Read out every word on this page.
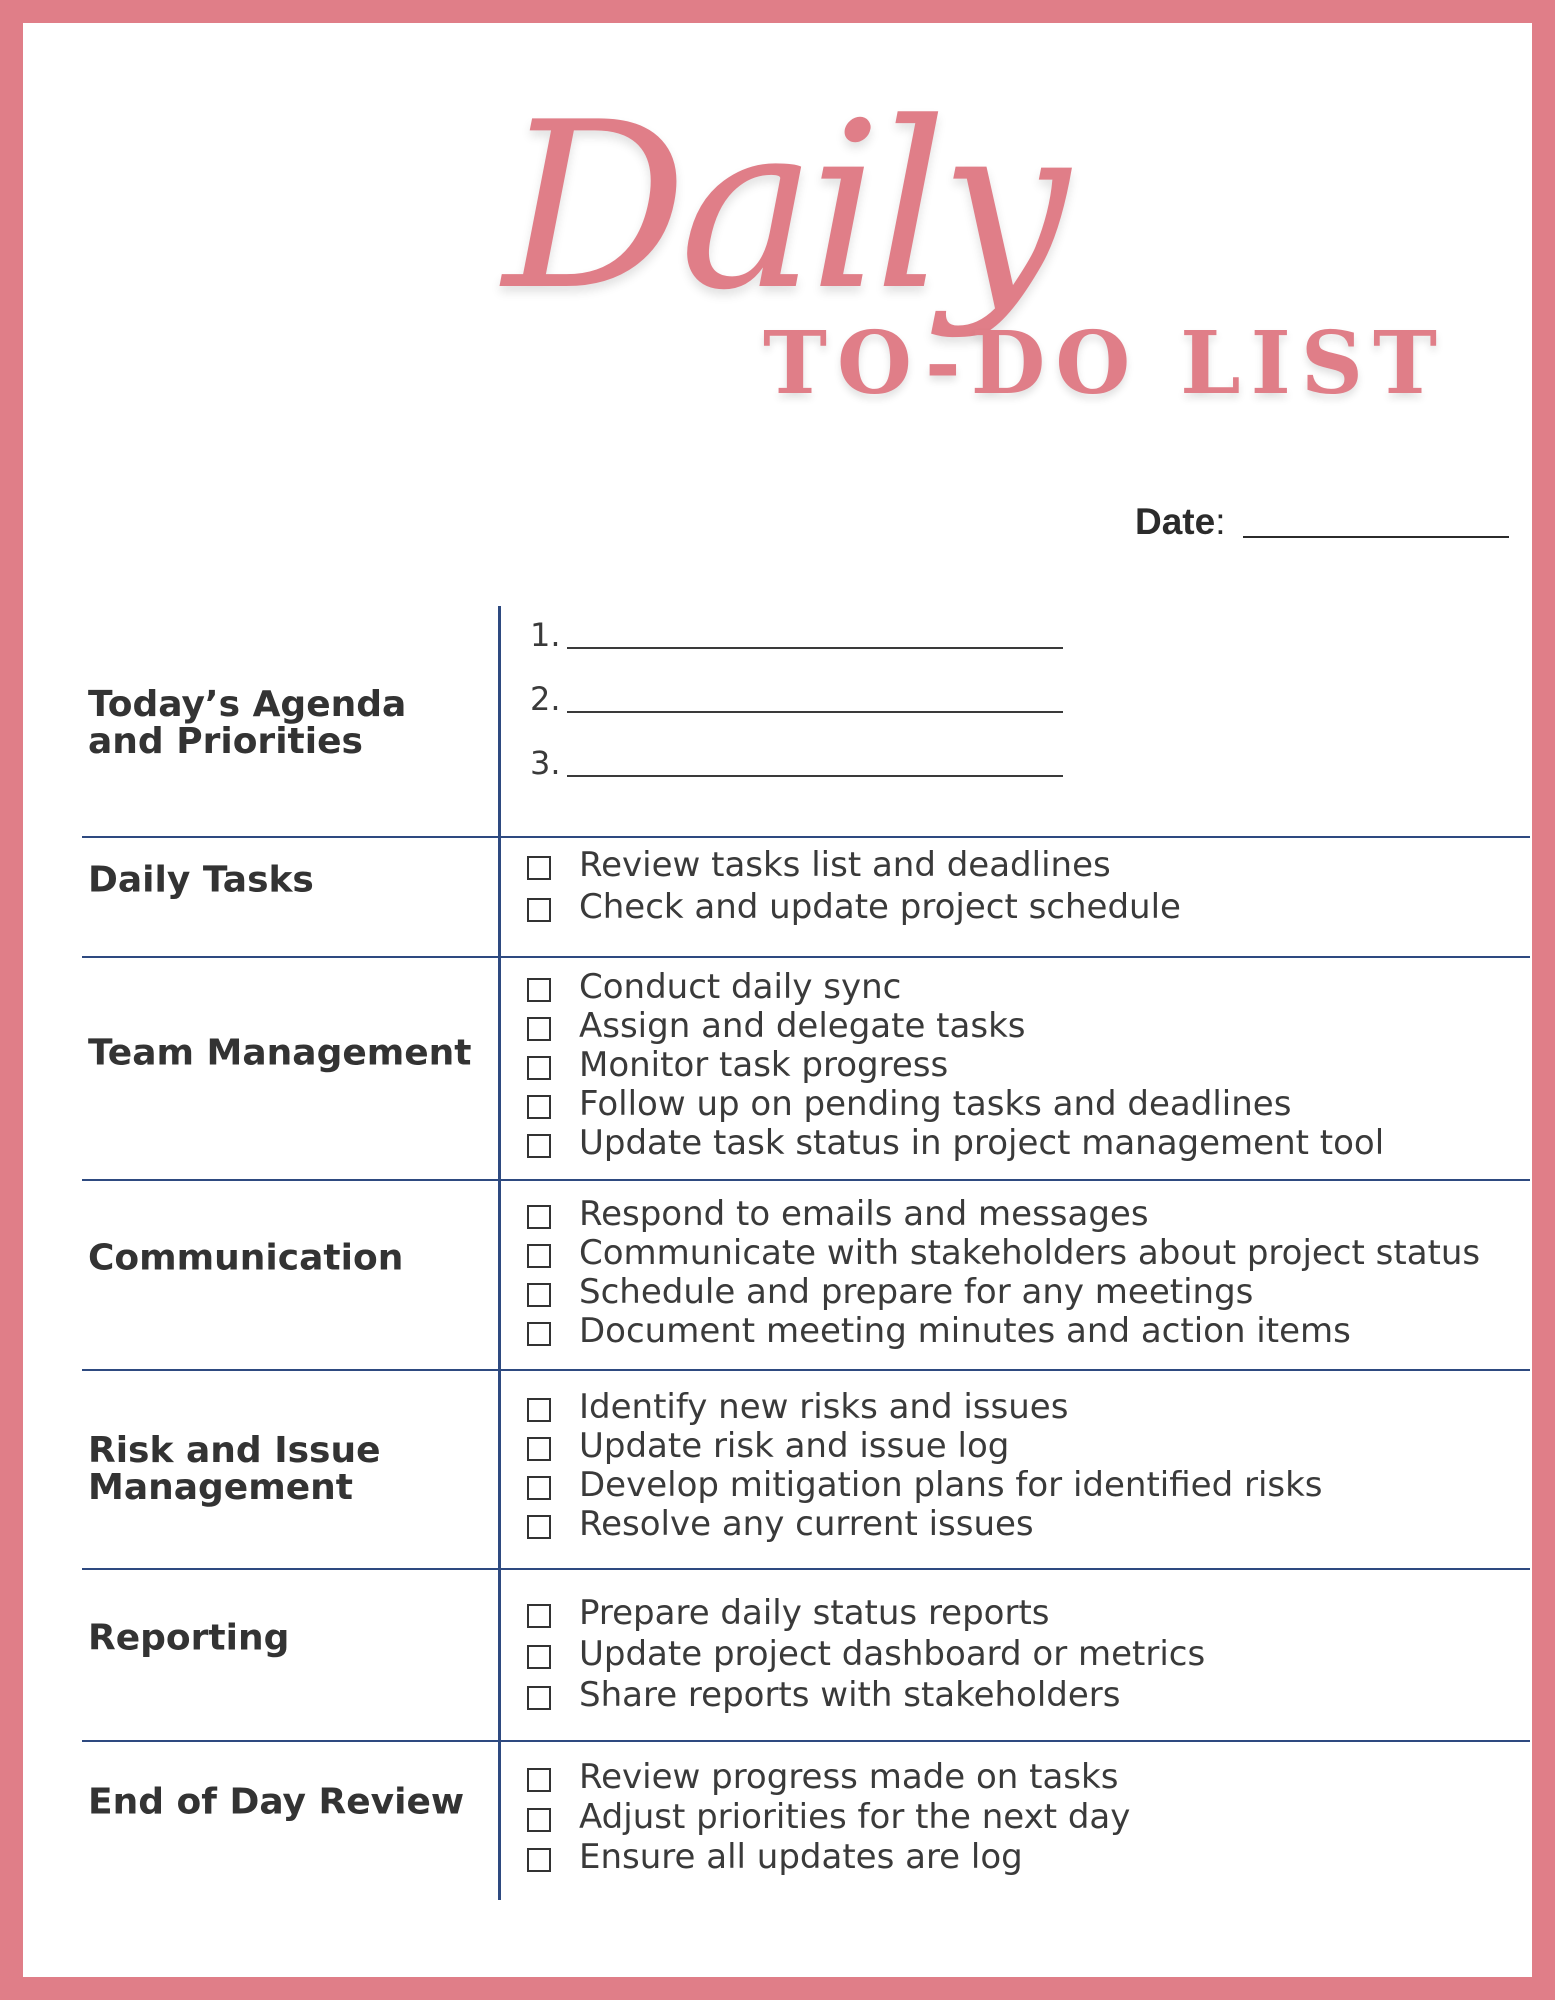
Daily
TO-DO LIST
Date:
Today’s Agenda and Priorities
1.
2.
3.
Daily Tasks	Review tasks list and deadlines
Check and update project schedule
Team Management
Conduct daily sync
Assign and delegate tasks
Monitor task progress
Follow up on pending tasks and deadlines
Update task status in project management tool
Communication
Respond to emails and messages
Communicate with stakeholders about project status
Schedule and prepare for any meetings
Document meeting minutes and action items
Risk and Issue Management
Identify new risks and issues
Update risk and issue log
Develop mitigation plans for identified risks
Resolve any current issues
Reporting
Prepare daily status reports
Update project dashboard or metrics
Share reports with stakeholders
End of Day Review
Review progress made on tasks
Adjust priorities for the next day
Ensure all updates are log
